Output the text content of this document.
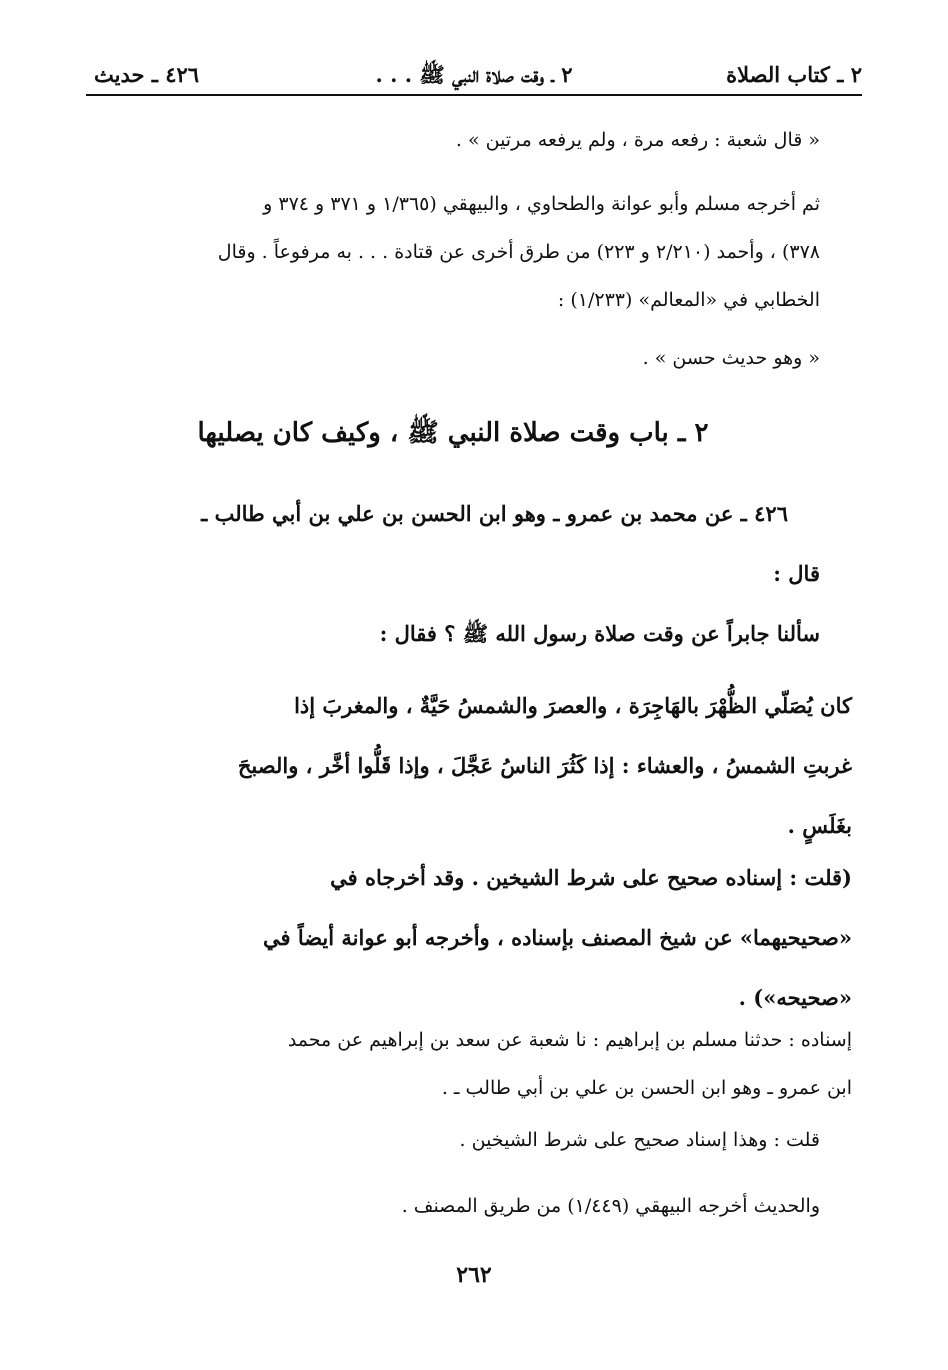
٢ ـ كتاب الصلاة
٢ ـ وقت صلاة النبي ﷺ . . .
٤٢٦ ـ حديث
« قال شعبة : رفعه مرة ، ولم يرفعه مرتين » .
ثم أخرجه مسلم وأبو عوانة والطحاوي ، والبيهقي (١/٣٦٥ و ٣٧١ و ٣٧٤ و
٣٧٨) ، وأحمد (٢/٢١٠ و ٢٢٣) من طرق أخرى عن قتادة . . . به مرفوعاً . وقال
الخطابي في «المعالم» (١/٢٣٣) :
« وهو حديث حسن » .
٢ ـ باب وقت صلاة النبي ﷺ ، وكيف كان يصليها
٤٢٦ ـ عن محمد بن عمرو ـ وهو ابن الحسن بن علي بن أبي طالب ـ
قال :
سألنا جابراً عن وقت صلاة رسول الله ﷺ ؟ فقال :
كان يُصَلّي الظُّهْرَ بالهَاجِرَة ، والعصرَ والشمسُ حَيَّةٌ ، والمغربَ إذا
غربتِ الشمسُ ، والعشاء : إذا كَثُرَ الناسُ عَجَّلَ ، وإذا قَلُّوا أخَّر ، والصبحَ
بغَلَسٍ .
(قلت : إسناده صحيح على شرط الشيخين . وقد أخرجاه في
«صحيحيهما» عن شيخ المصنف بإسناده ، وأخرجه أبو عوانة أيضاً في
«صحيحه») .
إسناده : حدثنا مسلم بن إبراهيم : نا شعبة عن سعد بن إبراهيم عن محمد
ابن عمرو ـ وهو ابن الحسن بن علي بن أبي طالب ـ .
قلت : وهذا إسناد صحيح على شرط الشيخين .
والحديث أخرجه البيهقي (١/٤٤٩) من طريق المصنف .
٢٦٢
